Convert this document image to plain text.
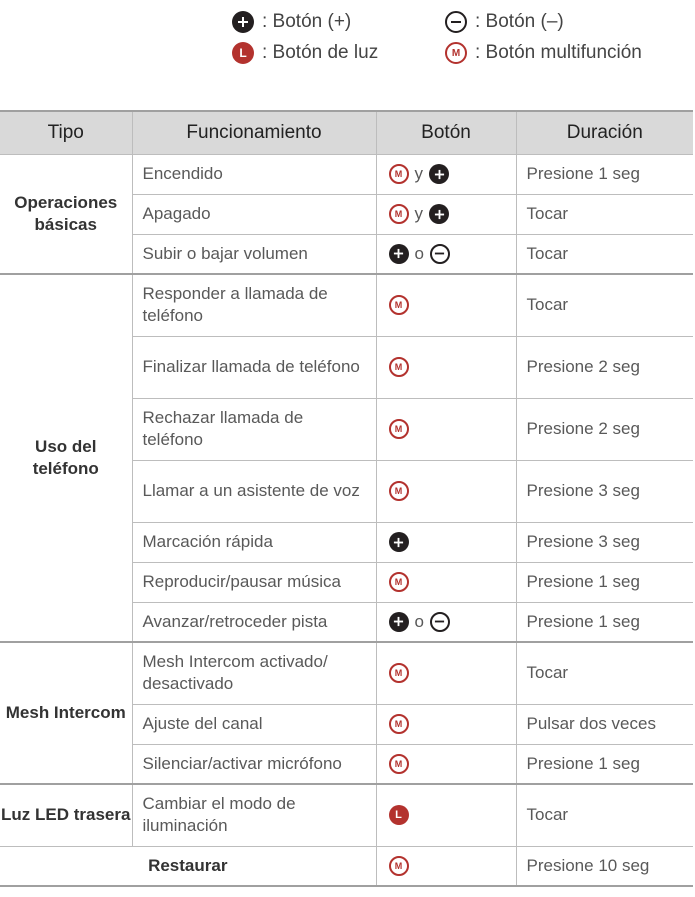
: Botón (+)	: Botón (–)
L : Botón de luz	M : Botón multifunción
Tipo	Funcionamiento	Botón	Duración
Operaciones básicas	Encendido	M y	Presione 1 seg
	Apagado	M y	Tocar
	Subir o bajar volumen	o	Tocar
Uso del teléfono	Responder a llamada de teléfono	M	Tocar
	Finalizar llamada de teléfono	M	Presione 2 seg
	Rechazar llamada de teléfono	M	Presione 2 seg
	Llamar a un asistente de voz	M	Presione 3 seg
	Marcación rápida		Presione 3 seg
	Reproducir/pausar música	M	Presione 1 seg
	Avanzar/retroceder pista	o	Presione 1 seg
Mesh Intercom	Mesh Intercom activado/ desactivado	M	Tocar
	Ajuste del canal	M	Pulsar dos veces
	Silenciar/activar micrófono	M	Presione 1 seg
Luz LED trasera	Cambiar el modo de iluminación	L	Tocar
Restaurar		M	Presione 10 seg
